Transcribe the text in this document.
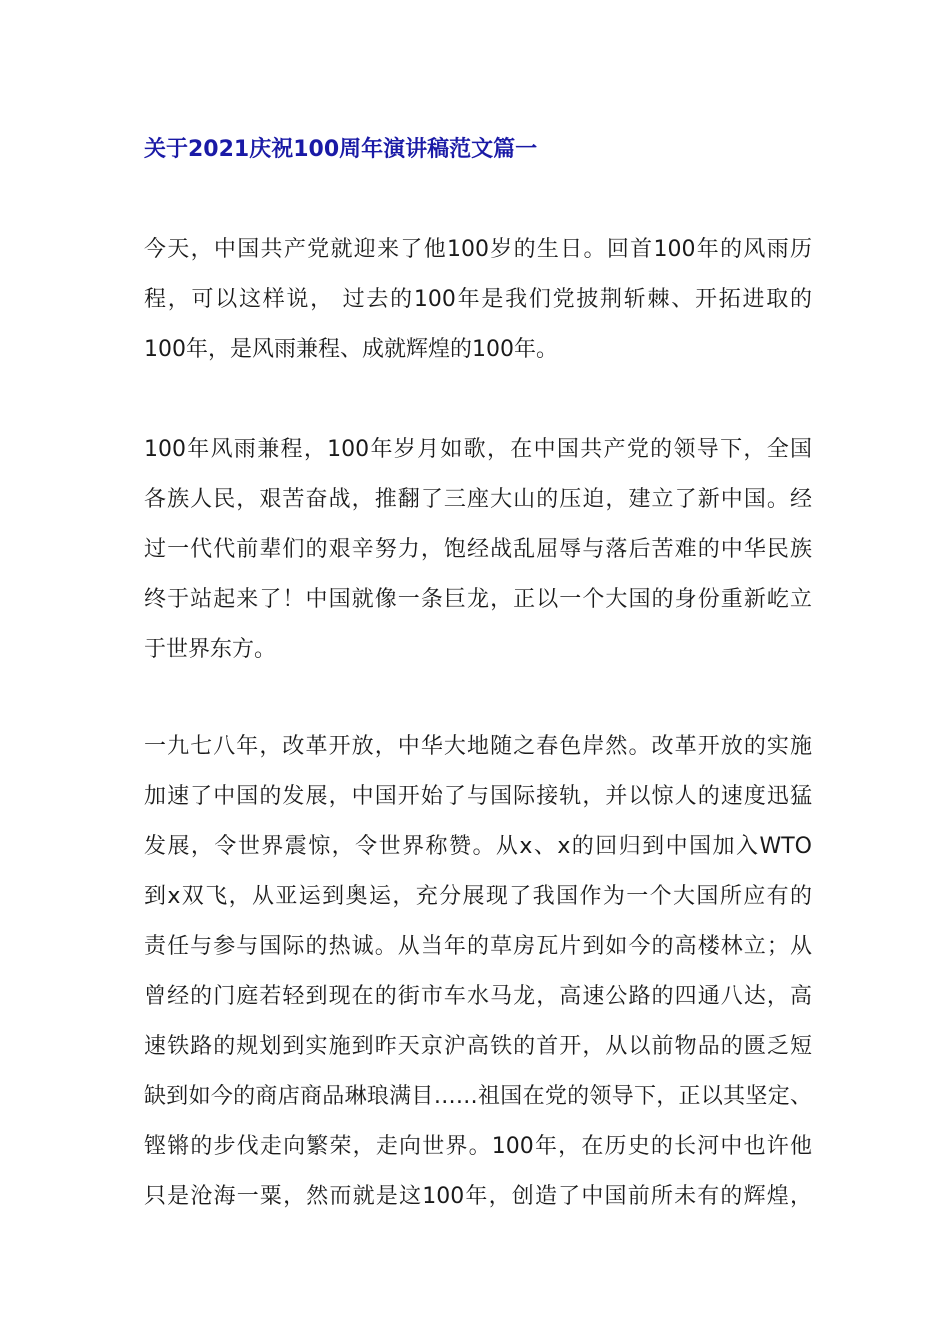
关于2021庆祝100周年演讲稿范文篇一
今天，中国共产党就迎来了他100岁的生日。回首100年的风雨历
程，可以这样说， 过去的100年是我们党披荆斩棘、开拓进取的
100年，是风雨兼程、成就辉煌的100年。
100年风雨兼程，100年岁月如歌，在中国共产党的领导下，全国
各族人民，艰苦奋战，推翻了三座大山的压迫，建立了新中国。经
过一代代前辈们的艰辛努力，饱经战乱屈辱与落后苦难的中华民族
终于站起来了！中国就像一条巨龙，正以一个大国的身份重新屹立
于世界东方。
一九七八年，改革开放，中华大地随之春色岸然。改革开放的实施
加速了中国的发展，中国开始了与国际接轨，并以惊人的速度迅猛
发展，令世界震惊，令世界称赞。从x、x的回归到中国加入WTO
到x双飞，从亚运到奥运，充分展现了我国作为一个大国所应有的
责任与参与国际的热诚。从当年的草房瓦片到如今的高楼林立；从
曾经的门庭若轻到现在的街市车水马龙，高速公路的四通八达，高
速铁路的规划到实施到昨天京沪高铁的首开，从以前物品的匮乏短
缺到如今的商店商品琳琅满目……祖国在党的领导下，正以其坚定、
铿锵的步伐走向繁荣，走向世界。100年，在历史的长河中也许他
只是沧海一粟，然而就是这100年，创造了中国前所未有的辉煌，
